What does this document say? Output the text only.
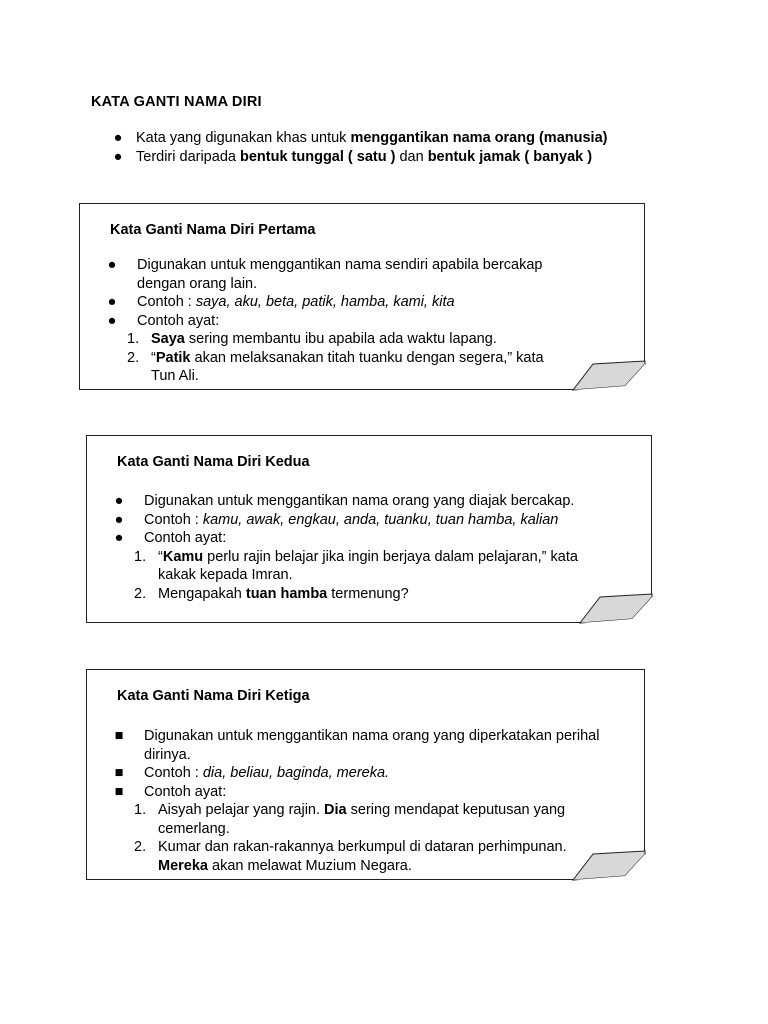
KATA GANTI NAMA DIRI
● Kata yang digunakan khas untuk menggantikan nama orang (manusia)
● Terdiri daripada bentuk tunggal ( satu ) dan bentuk jamak ( banyak )
Kata Ganti Nama Diri Pertama
● Digunakan untuk menggantikan nama sendiri apabila bercakap dengan orang lain.
● Contoh : saya, aku, beta, patik, hamba, kami, kita
● Contoh ayat:
1. Saya sering membantu ibu apabila ada waktu lapang.
2. “Patik akan melaksanakan titah tuanku dengan segera,” kata Tun Ali.
Kata Ganti Nama Diri Kedua
● Digunakan untuk menggantikan nama orang yang diajak bercakap.
● Contoh : kamu, awak, engkau, anda, tuanku, tuan hamba, kalian
● Contoh ayat:
1. “Kamu perlu rajin belajar jika ingin berjaya dalam pelajaran,” kata kakak kepada Imran.
2. Mengapakah tuan hamba termenung?
Kata Ganti Nama Diri Ketiga
■ Digunakan untuk menggantikan nama orang yang diperkatakan perihal dirinya.
■ Contoh : dia, beliau, baginda, mereka.
■ Contoh ayat:
1. Aisyah pelajar yang rajin. Dia sering mendapat keputusan yang cemerlang.
2. Kumar dan rakan-rakannya berkumpul di dataran perhimpunan. Mereka akan melawat Muzium Negara.
